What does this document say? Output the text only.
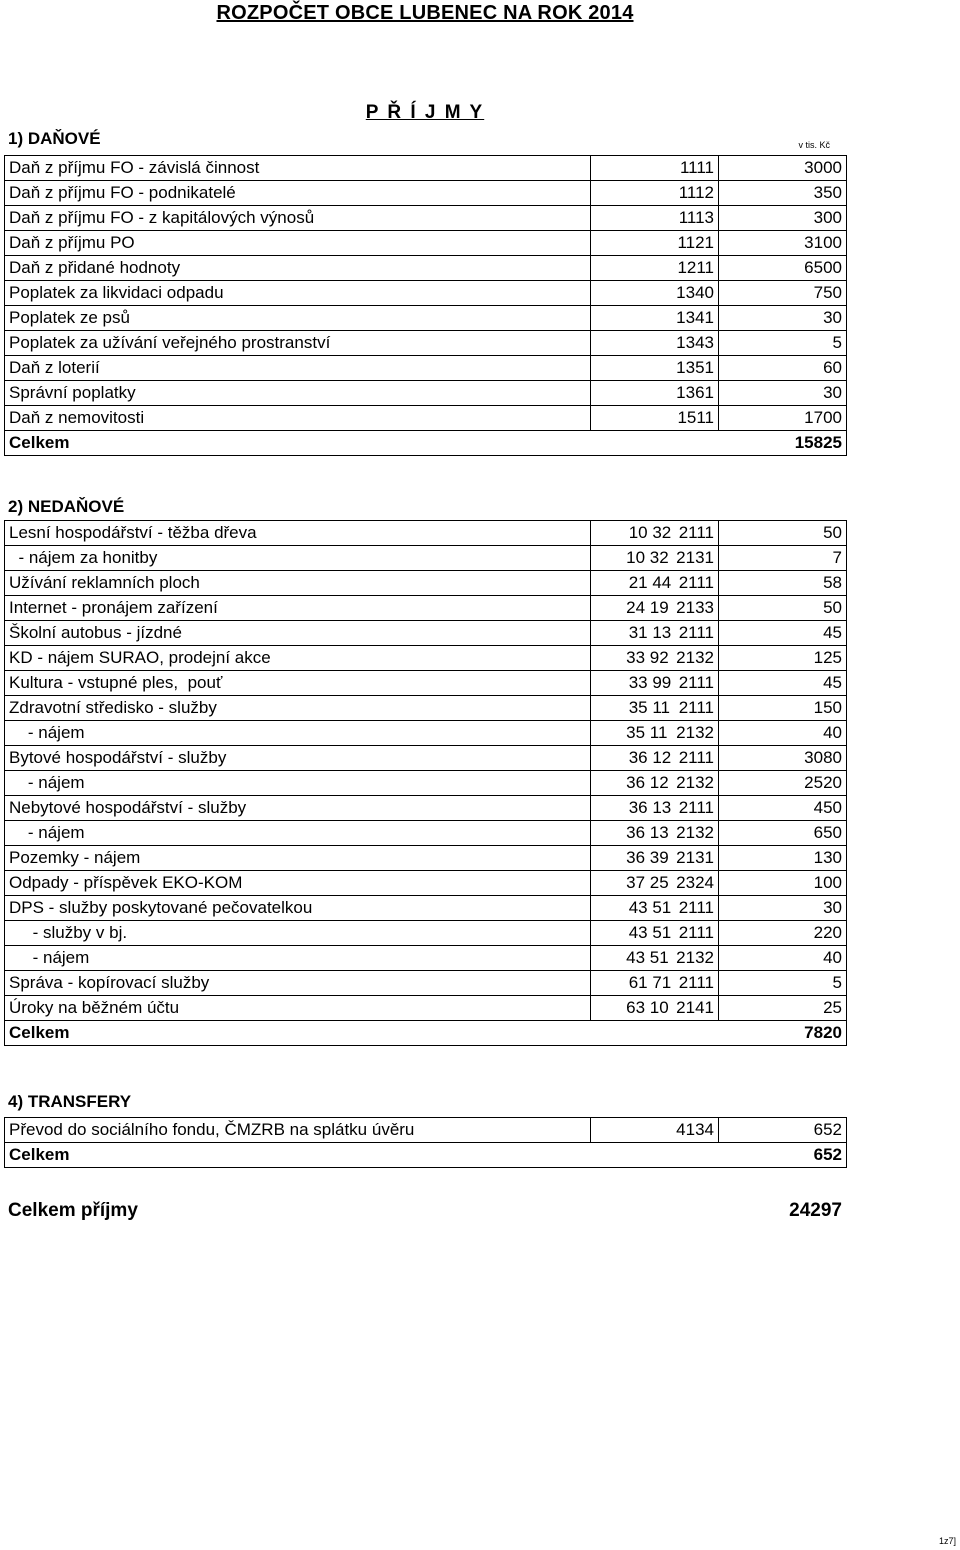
ROZPOČET OBCE LUBENEC NA ROK 2014
P Ř Í J M Y
1) DAŇOVÉ	v tis. Kč
Daň z příjmu FO - závislá činnost	1111	3000
Daň z příjmu FO - podnikatelé	1112	350
Daň z příjmu FO - z kapitálových výnosů	1113	300
Daň z příjmu PO	1121	3100
Daň z přidané hodnoty	1211	6500
Poplatek za likvidaci odpadu	1340	750
Poplatek ze psů	1341	30
Poplatek za užívání veřejného prostranství	1343	5
Daň z loterií	1351	60
Správní poplatky	1361	30
Daň z nemovitosti	1511	1700
Celkem		15825
2) NEDAŇOVÉ
Lesní hospodářství - těžba dřeva	10 32 2111	50
- nájem za honitby	10 32 2131	7
Užívání reklamních ploch	21 44 2111	58
Internet - pronájem zařízení	24 19 2133	50
Školní autobus - jízdné	31 13 2111	45
KD - nájem SURAO, prodejní akce	33 92 2132	125
Kultura - vstupné ples,  pouť	33 99 2111	45
Zdravotní středisko - služby	35 11 2111	150
- nájem	35 11 2132	40
Bytové hospodářství - služby	36 12 2111	3080
- nájem	36 12 2132	2520
Nebytové hospodářství - služby	36 13 2111	450
- nájem	36 13 2132	650
Pozemky - nájem	36 39 2131	130
Odpady - příspěvek EKO-KOM	37 25 2324	100
DPS - služby poskytované pečovatelkou	43 51 2111	30
- služby v bj.	43 51 2111	220
- nájem	43 51 2132	40
Správa - kopírovací služby	61 71 2111	5
Úroky na běžném účtu	63 10 2141	25
Celkem		7820
4) TRANSFERY
Převod do sociálního fondu, ČMZRB na splátku úvěru	4134	652
Celkem		652
Celkem příjmy	24297
1z7]
